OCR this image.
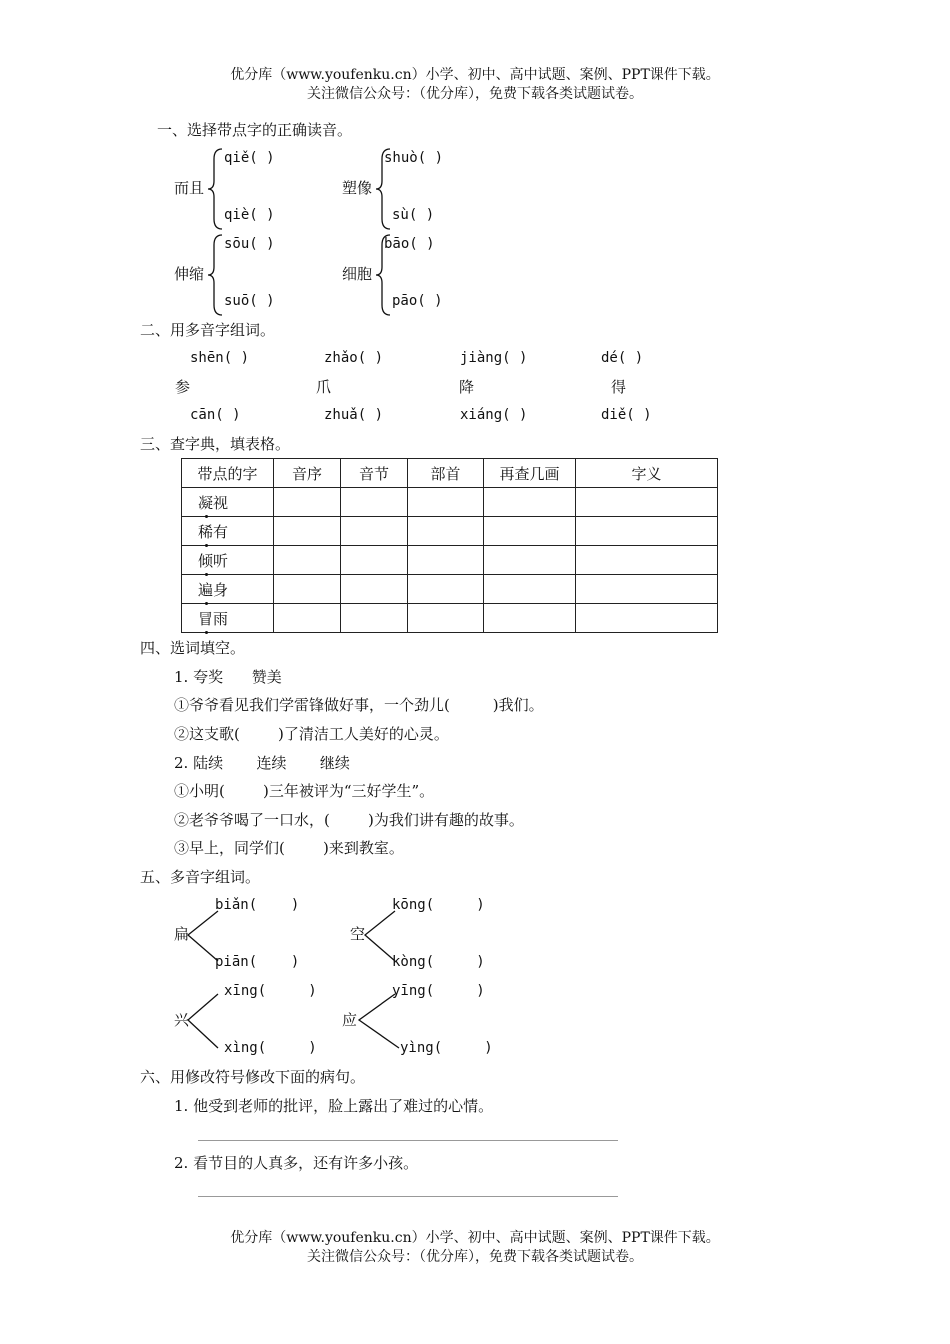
优分库（www.youfenku.cn）小学、初中、高中试题、案例、PPT课件下载。
关注微信公众号：（优分库），免费下载各类试题试卷。
一、选择带点字的正确读音。
而且
qiě( )
qiè( )
塑像
shuò( )
sù( )
伸缩
sōu( )
suō( )
细胞
bāo( )
pāo( )
二、用多音字组词。
shēn( )
参
cān( )
zhǎo( )
爪
zhuǎ( )
jiàng( )
降
xiáng( )
dé( )
得
diě( )
三、查字典，填表格。
带点的字	音序	音节	部首	再查几画	字义
凝视

稀有

倾听

遍身

冒雨

四、选词填空。
1. 夸奖      赞美
①爷爷看见我们学雷锋做好事，一个劲儿(         )我们。
②这支歌(        )了清洁工人美好的心灵。
2. 陆续       连续       继续
①小明(        )三年被评为“三好学生”。
②老爷爷喝了一口水，(        )为我们讲有趣的故事。
③早上，同学们(        )来到教室。
五、多音字组词。
扁
biǎn(    )
piān(    )
空
kōng(     )
kòng(     )
兴
xīng(     )
xìng(     )
应
yīng(     )
yìng(     )
六、用修改符号修改下面的病句。
1. 他受到老师的批评，脸上露出了难过的心情。
2. 看节目的人真多，还有许多小孩。
优分库（www.youfenku.cn）小学、初中、高中试题、案例、PPT课件下载。
关注微信公众号：（优分库），免费下载各类试题试卷。
